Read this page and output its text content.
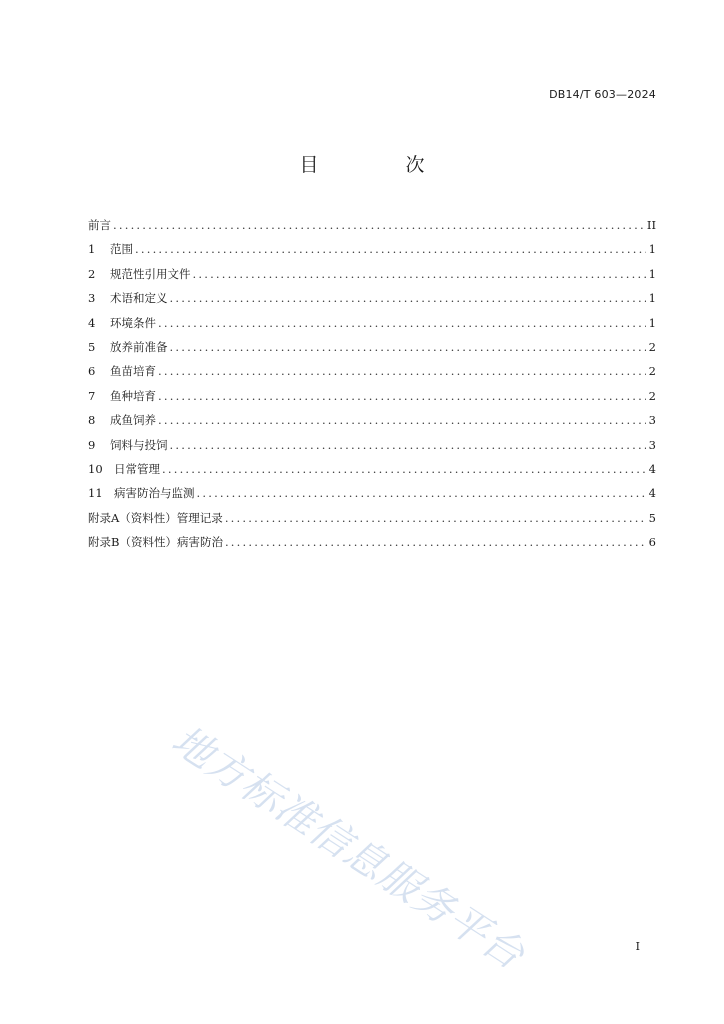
DB14/T 603—2024
目　次
前言 .....	II
1	范围 .....	1
2	规范性引用文件 .....	1
3	术语和定义 .....	1
4	环境条件 .....	1
5	放养前准备 .....	2
6	鱼苗培育 .....	2
7	鱼种培育 .....	2
8	成鱼饲养 .....	3
9	饲料与投饲 .....	3
10 日常管理 .....	4
11 病害防治与监测 .....	4
附录A（资料性）管理记录 .....	5
附录B（资料性）病害防治 .....	6
地方标准信息服务平台	I
